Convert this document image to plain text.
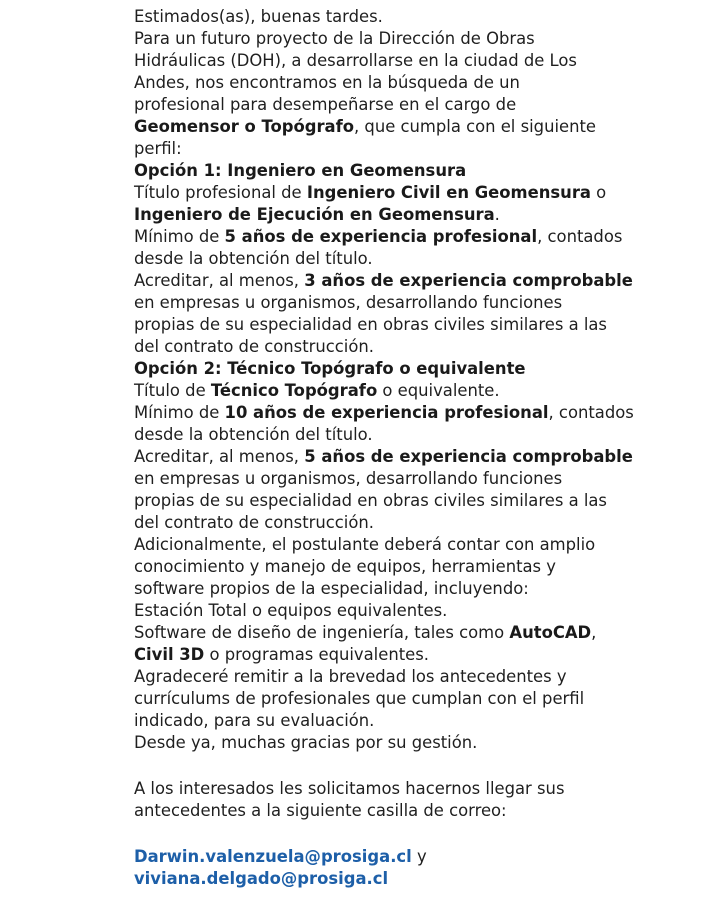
Estimados(as), buenas tardes.
Para un futuro proyecto de la Dirección de Obras
Hidráulicas (DOH), a desarrollarse en la ciudad de Los
Andes, nos encontramos en la búsqueda de un
profesional para desempeñarse en el cargo de
Geomensor o Topógrafo, que cumpla con el siguiente
perfil:
Opción 1: Ingeniero en Geomensura
Título profesional de Ingeniero Civil en Geomensura o
Ingeniero de Ejecución en Geomensura.
Mínimo de 5 años de experiencia profesional, contados
desde la obtención del título.
Acreditar, al menos, 3 años de experiencia comprobable
en empresas u organismos, desarrollando funciones
propias de su especialidad en obras civiles similares a las
del contrato de construcción.
Opción 2: Técnico Topógrafo o equivalente
Título de Técnico Topógrafo o equivalente.
Mínimo de 10 años de experiencia profesional, contados
desde la obtención del título.
Acreditar, al menos, 5 años de experiencia comprobable
en empresas u organismos, desarrollando funciones
propias de su especialidad en obras civiles similares a las
del contrato de construcción.
Adicionalmente, el postulante deberá contar con amplio
conocimiento y manejo de equipos, herramientas y
software propios de la especialidad, incluyendo:
Estación Total o equipos equivalentes.
Software de diseño de ingeniería, tales como AutoCAD,
Civil 3D o programas equivalentes.
Agradeceré remitir a la brevedad los antecedentes y
currículums de profesionales que cumplan con el perfil
indicado, para su evaluación.
Desde ya, muchas gracias por su gestión.
A los interesados les solicitamos hacernos llegar sus
antecedentes a la siguiente casilla de correo:
Darwin.valenzuela@prosiga.cl y
viviana.delgado@prosiga.cl
